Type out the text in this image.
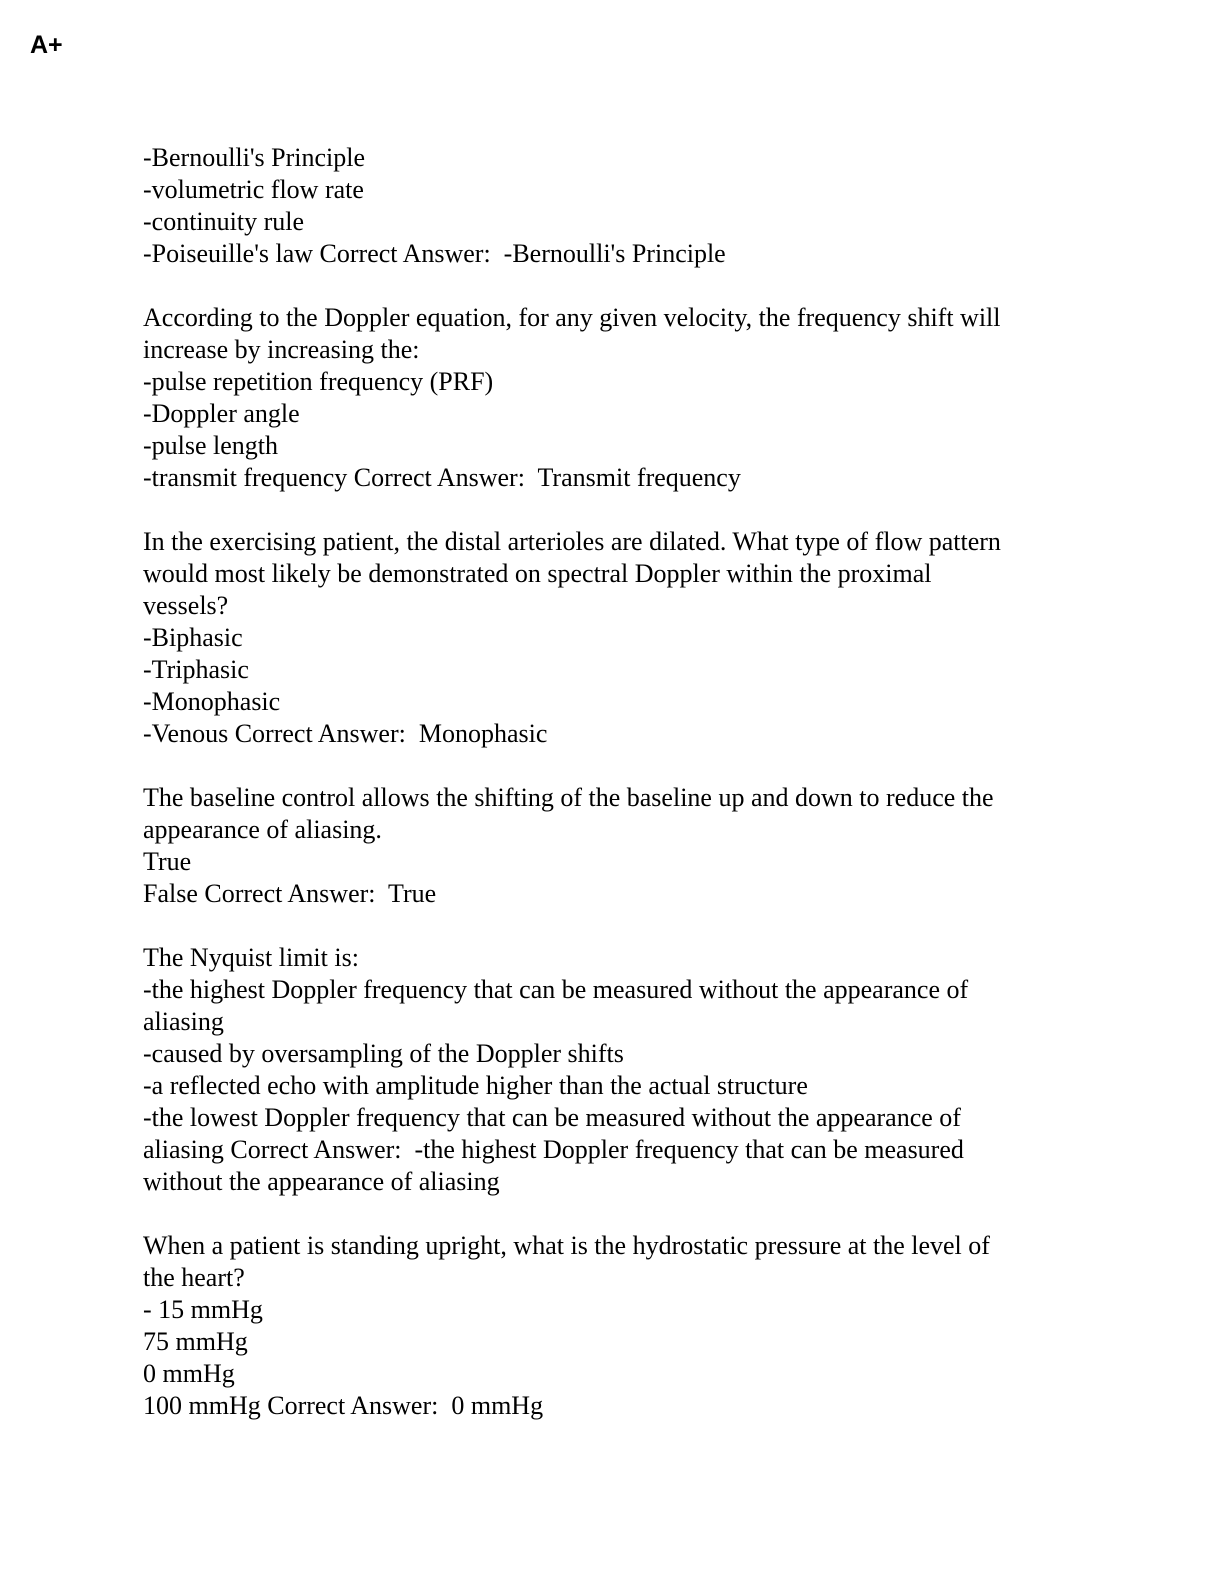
A+
-Bernoulli's Principle
-volumetric flow rate
-continuity rule
-Poiseuille's law Correct Answer:  -Bernoulli's Principle
According to the Doppler equation, for any given velocity, the frequency shift will
increase by increasing the:
-pulse repetition frequency (PRF)
-Doppler angle
-pulse length
-transmit frequency Correct Answer:  Transmit frequency
In the exercising patient, the distal arterioles are dilated. What type of flow pattern
would most likely be demonstrated on spectral Doppler within the proximal
vessels?
-Biphasic
-Triphasic
-Monophasic
-Venous Correct Answer:  Monophasic
The baseline control allows the shifting of the baseline up and down to reduce the
appearance of aliasing.
True
False Correct Answer:  True
The Nyquist limit is:
-the highest Doppler frequency that can be measured without the appearance of
aliasing
-caused by oversampling of the Doppler shifts
-a reflected echo with amplitude higher than the actual structure
-the lowest Doppler frequency that can be measured without the appearance of
aliasing Correct Answer:  -the highest Doppler frequency that can be measured
without the appearance of aliasing
When a patient is standing upright, what is the hydrostatic pressure at the level of
the heart?
- 15 mmHg
75 mmHg
0 mmHg
100 mmHg Correct Answer:  0 mmHg
